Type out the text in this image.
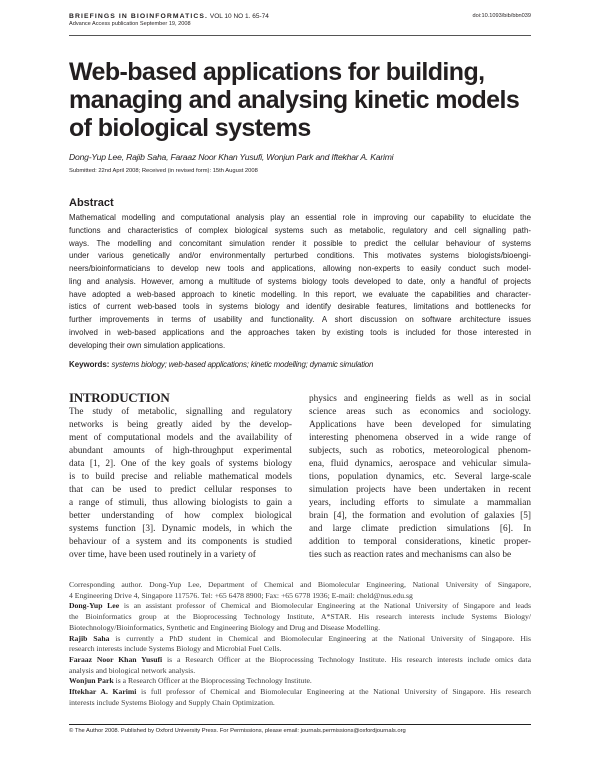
BRIEFINGS IN BIOINFORMATICS. VOL 10 NO 1. 65-74
Advance Access publication September 19, 2008
doi:10.1093/bib/bbn039
Web-based applications for building,
managing and analysing kinetic models
of biological systems
Dong-Yup Lee, Rajib Saha, Faraaz Noor Khan Yusufi, Wonjun Park and Iftekhar A. Karimi
Submitted: 22nd April 2008; Received (in revised form): 15th August 2008
Abstract
Mathematical modelling and computational analysis play an essential role in improving our capability to elucidate the
functions and characteristics of complex biological systems such as metabolic, regulatory and cell signalling path-
ways. The modelling and concomitant simulation render it possible to predict the cellular behaviour of systems
under various genetically and/or environmentally perturbed conditions. This motivates systems biologists/bioengi-
neers/bioinformaticians to develop new tools and applications, allowing non-experts to easily conduct such model-
ling and analysis. However, among a multitude of systems biology tools developed to date, only a handful of projects
have adopted a web-based approach to kinetic modelling. In this report, we evaluate the capabilities and character-
istics of current web-based tools in systems biology and identify desirable features, limitations and bottlenecks for
further improvements in terms of usability and functionality. A short discussion on software architecture issues
involved in web-based applications and the approaches taken by existing tools is included for those interested in
developing their own simulation applications.
Keywords: systems biology; web-based applications; kinetic modelling; dynamic simulation
INTRODUCTION
The study of metabolic, signalling and regulatory
networks is being greatly aided by the develop-
ment of computational models and the availability of
abundant amounts of high-throughput experimental
data [1, 2]. One of the key goals of systems biology
is to build precise and reliable mathematical models
that can be used to predict cellular responses to
a range of stimuli, thus allowing biologists to gain a
better understanding of how complex biological
systems function [3]. Dynamic models, in which the
behaviour of a system and its components is studied
over time, have been used routinely in a variety of
physics and engineering fields as well as in social
science areas such as economics and sociology.
Applications have been developed for simulating
interesting phenomena observed in a wide range of
subjects, such as robotics, meteorological phenom-
ena, fluid dynamics, aerospace and vehicular simula-
tions, population dynamics, etc. Several large-scale
simulation projects have been undertaken in recent
years, including efforts to simulate a mammalian
brain [4], the formation and evolution of galaxies [5]
and large climate prediction simulations [6]. In
addition to temporal considerations, kinetic proper-
ties such as reaction rates and mechanisms can also be
Corresponding author. Dong-Yup Lee, Department of Chemical and Biomolecular Engineering, National University of Singapore,
4 Engineering Drive 4, Singapore 117576. Tel: +65 6478 8900; Fax: +65 6778 1936; E-mail: cheld@nus.edu.sg
Dong-Yup Lee is an assistant professor of Chemical and Biomolecular Engineering at the National University of Singapore and leads
the Bioinformatics group at the Bioprocessing Technology Institute, A*STAR. His research interests include Systems Biology/
Biotechnology/Bioinformatics, Synthetic and Engineering Biology and Drug and Disease Modelling.
Rajib Saha is currently a PhD student in Chemical and Biomolecular Engineering at the National University of Singapore. His
research interests include Systems Biology and Microbial Fuel Cells.
Faraaz Noor Khan Yusufi is a Research Officer at the Bioprocessing Technology Institute. His research interests include omics data
analysis and biological network analysis.
Wonjun Park is a Research Officer at the Bioprocessing Technology Institute.
Iftekhar A. Karimi is full professor of Chemical and Biomolecular Engineering at the National University of Singapore. His research
interests include Systems Biology and Supply Chain Optimization.
© The Author 2008. Published by Oxford University Press. For Permissions, please email: journals.permissions@oxfordjournals.org
